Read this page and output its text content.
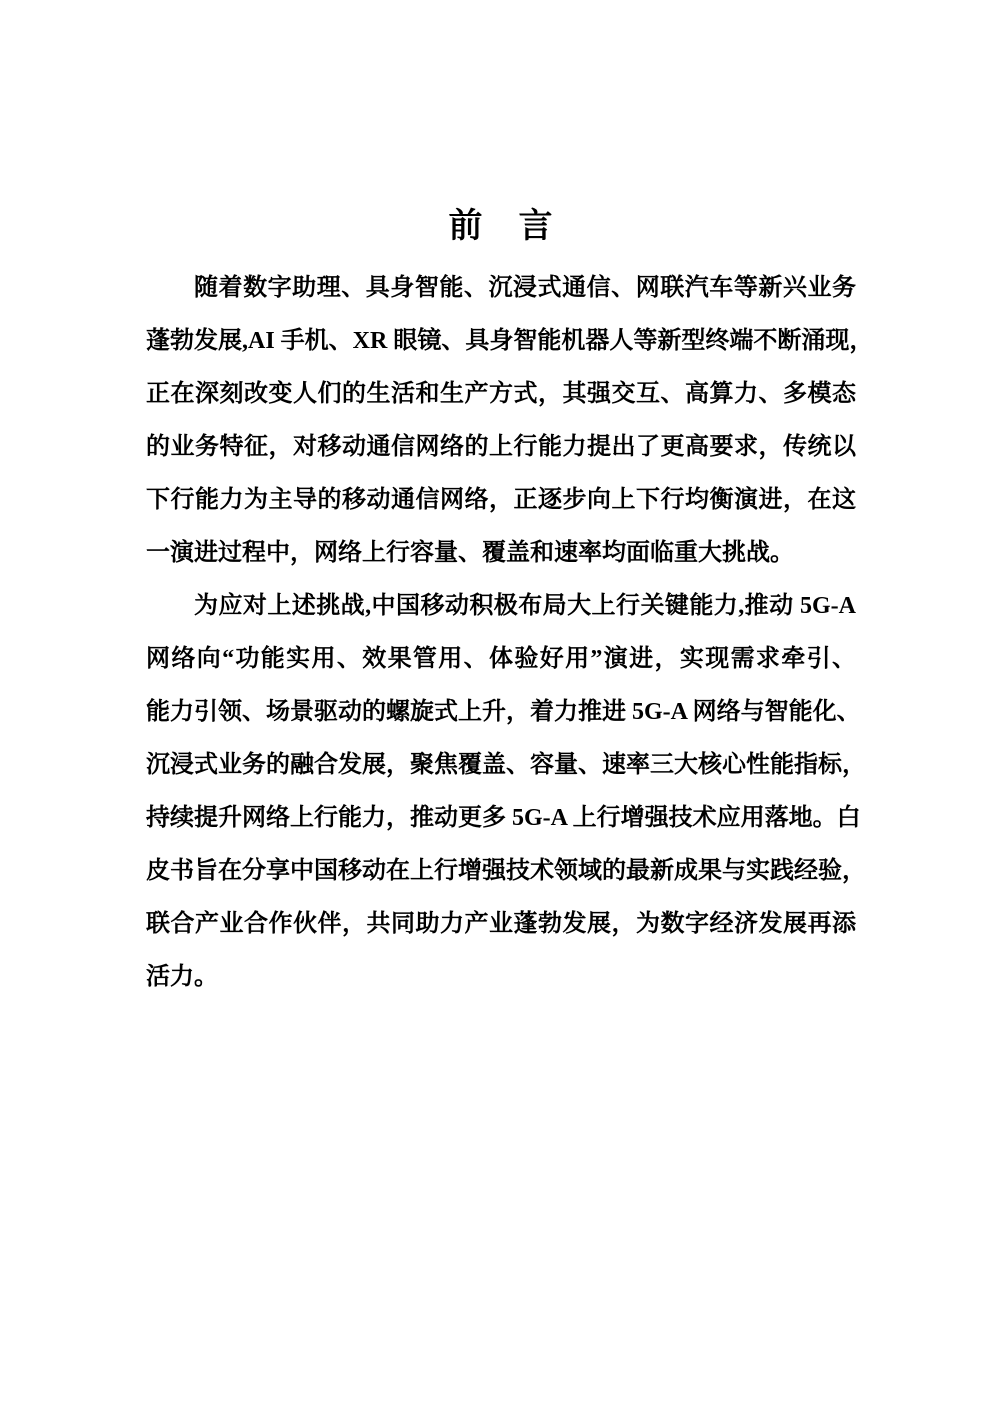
前　言
随着数字助理、具身智能、沉浸式通信、网联汽车等新兴业务
蓬勃发展,AI 手机、XR 眼镜、具身智能机器人等新型终端不断涌现，
正在深刻改变人们的生活和生产方式，其强交互、高算力、多模态
的业务特征，对移动通信网络的上行能力提出了更高要求，传统以
下行能力为主导的移动通信网络，正逐步向上下行均衡演进，在这
一演进过程中，网络上行容量、覆盖和速率均面临重大挑战。
为应对上述挑战,中国移动积极布局大上行关键能力,推动 5G-A
网络向“功能实用、效果管用、体验好用”演进，实现需求牵引、
能力引领、场景驱动的螺旋式上升，着力推进 5G-A 网络与智能化、
沉浸式业务的融合发展，聚焦覆盖、容量、速率三大核心性能指标，
持续提升网络上行能力，推动更多 5G-A 上行增强技术应用落地。白
皮书旨在分享中国移动在上行增强技术领域的最新成果与实践经验，
联合产业合作伙伴，共同助力产业蓬勃发展，为数字经济发展再添
活力。
